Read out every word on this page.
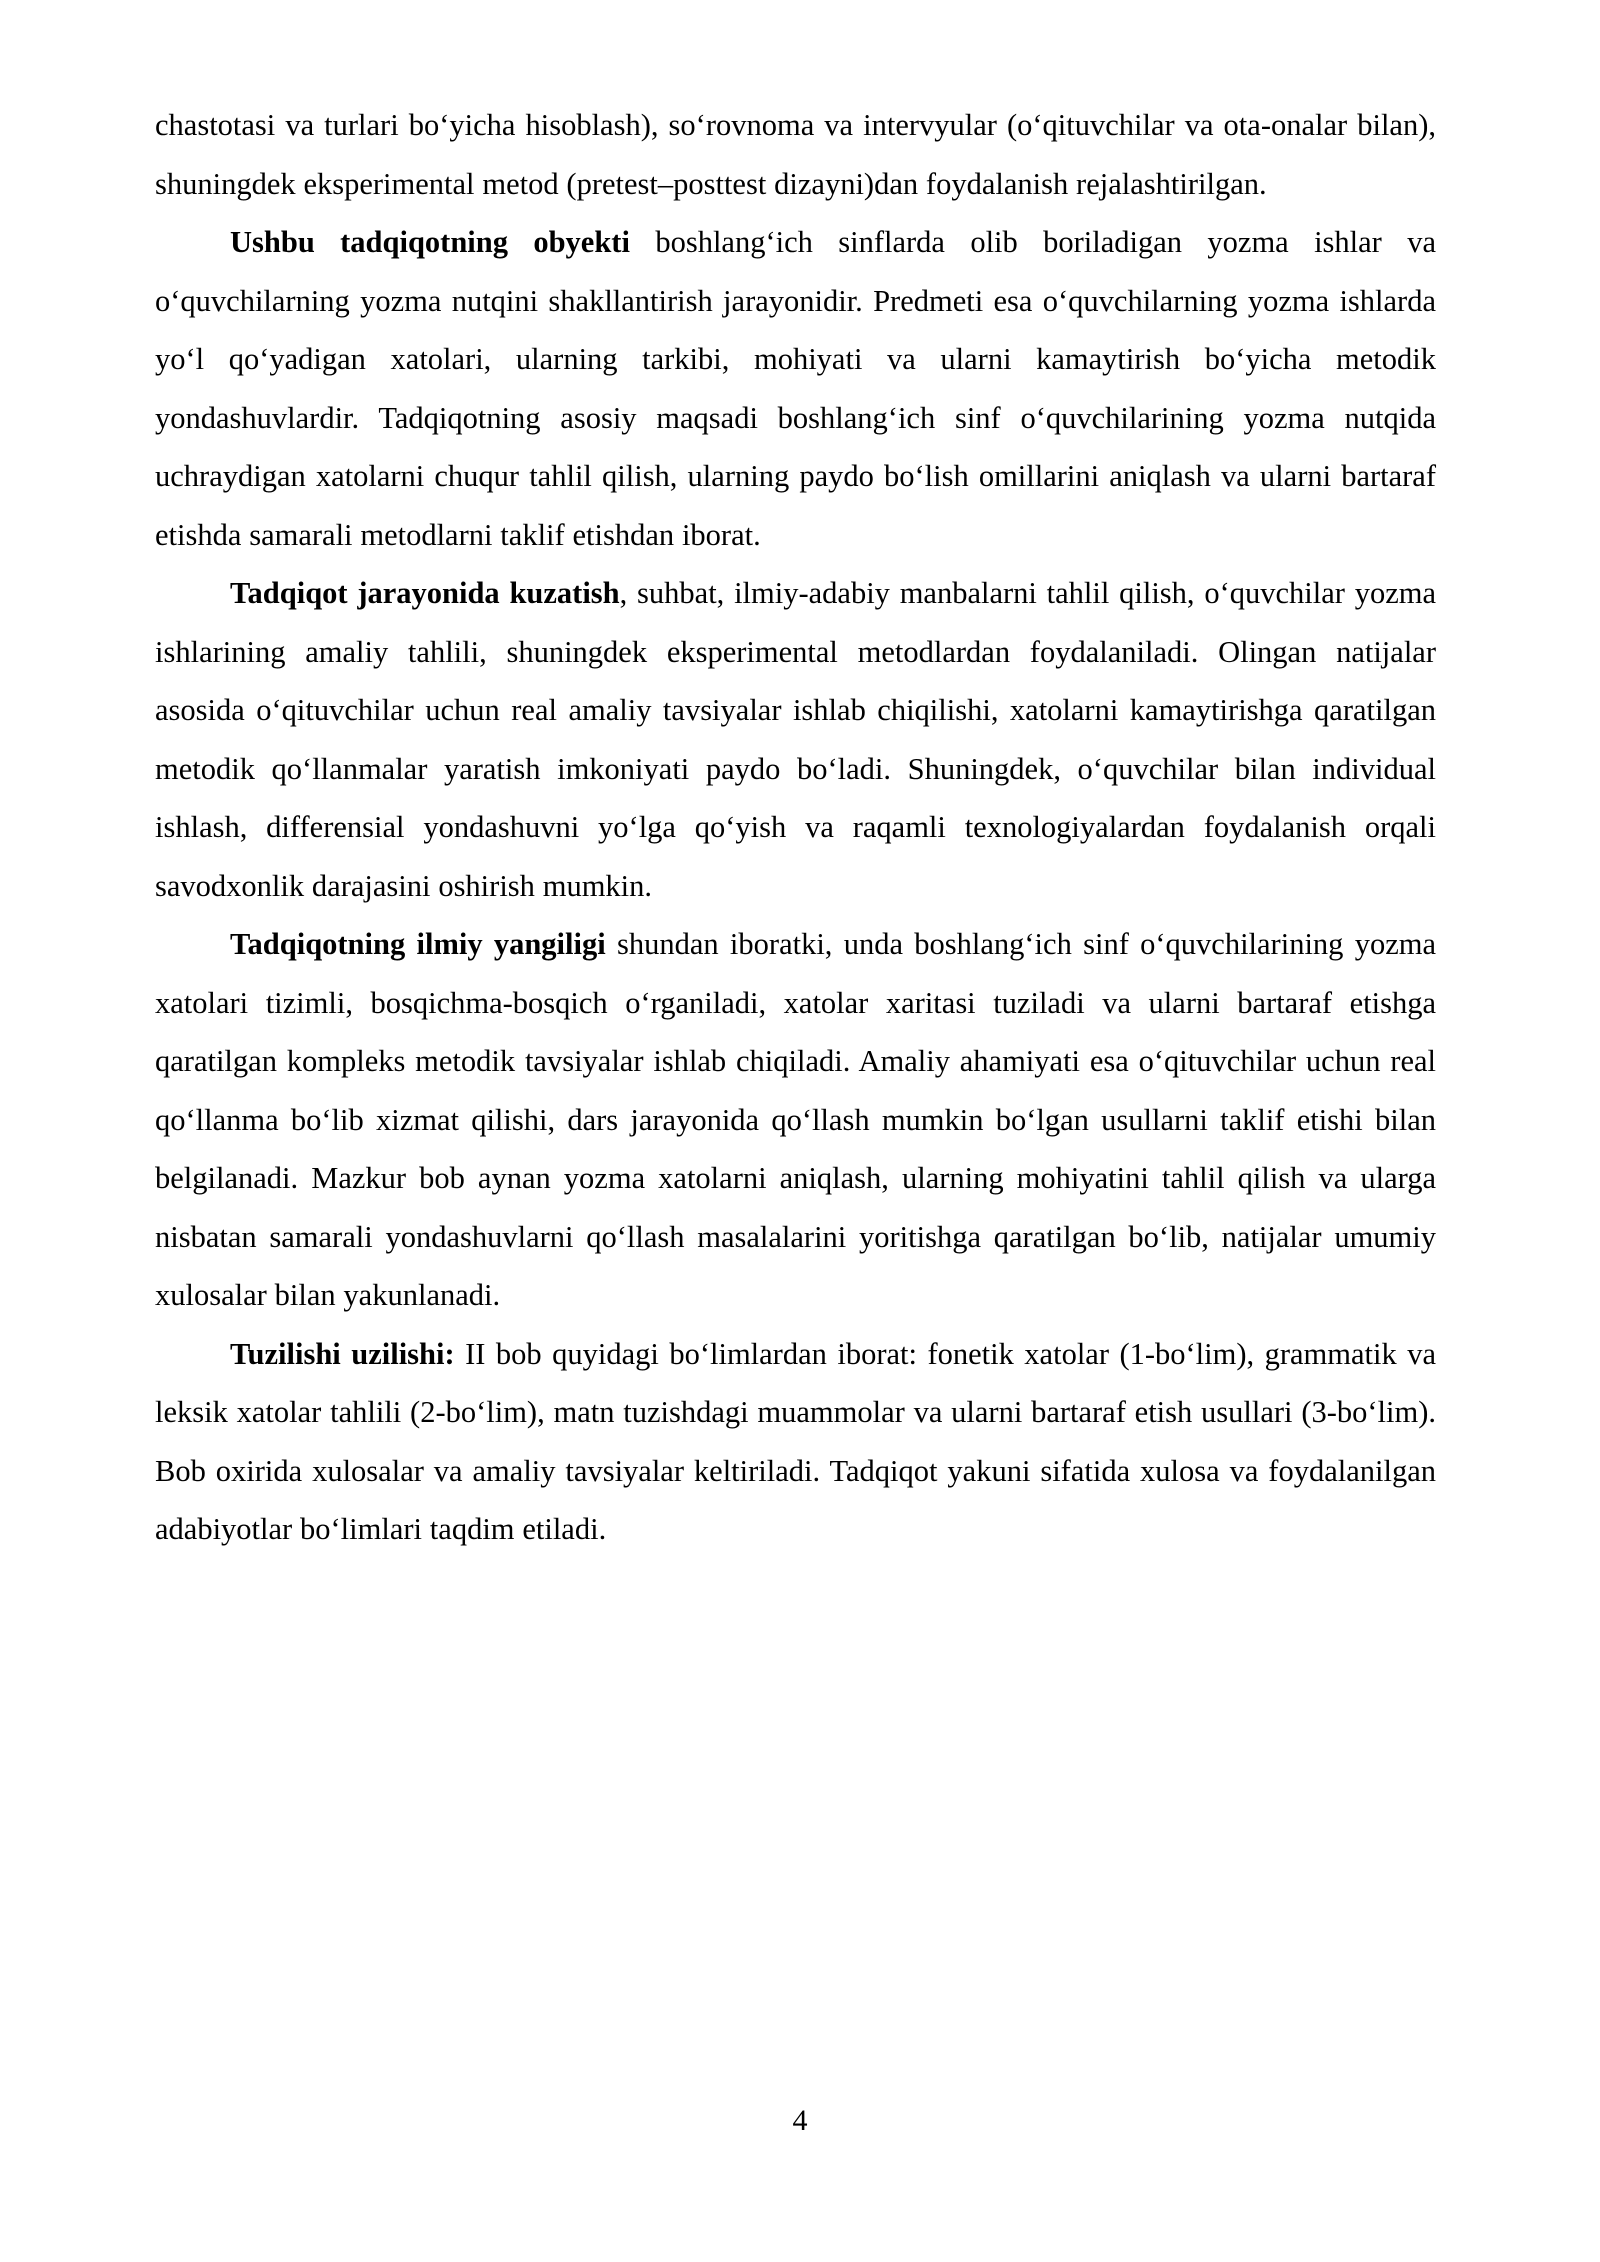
chastotasi va turlari bo‘yicha hisoblash), so‘rovnoma va intervyular (o‘qituvchilar va ota-onalar bilan), shuningdek eksperimental metod (pretest–posttest dizayni)dan foydalanish rejalashtirilgan.

Ushbu tadqiqotning obyekti boshlang‘ich sinflarda olib boriladigan yozma ishlar va o‘quvchilarning yozma nutqini shakllantirish jarayonidir. Predmeti esa o‘quvchilarning yozma ishlarda yo‘l qo‘yadigan xatolari, ularning tarkibi, mohiyati va ularni kamaytirish bo‘yicha metodik yondashuvlardir. Tadqiqotning asosiy maqsadi boshlang‘ich sinf o‘quvchilarining yozma nutqida uchraydigan xatolarni chuqur tahlil qilish, ularning paydo bo‘lish omillarini aniqlash va ularni bartaraf etishda samarali metodlarni taklif etishdan iborat.

Tadqiqot jarayonida kuzatish, suhbat, ilmiy-adabiy manbalarni tahlil qilish, o‘quvchilar yozma ishlarining amaliy tahlili, shuningdek eksperimental metodlardan foydalaniladi. Olingan natijalar asosida o‘qituvchilar uchun real amaliy tavsiyalar ishlab chiqilishi, xatolarni kamaytirishga qaratilgan metodik qo‘llanmalar yaratish imkoniyati paydo bo‘ladi. Shuningdek, o‘quvchilar bilan individual ishlash, differensial yondashuvni yo‘lga qo‘yish va raqamli texnologiyalardan foydalanish orqali savodxonlik darajasini oshirish mumkin.

Tadqiqotning ilmiy yangiligi shundan iboratki, unda boshlang‘ich sinf o‘quvchilarining yozma xatolari tizimli, bosqichma-bosqich o‘rganiladi, xatolar xaritasi tuziladi va ularni bartaraf etishga qaratilgan kompleks metodik tavsiyalar ishlab chiqiladi. Amaliy ahamiyati esa o‘qituvchilar uchun real qo‘llanma bo‘lib xizmat qilishi, dars jarayonida qo‘llash mumkin bo‘lgan usullarni taklif etishi bilan belgilanadi. Mazkur bob aynan yozma xatolarni aniqlash, ularning mohiyatini tahlil qilish va ularga nisbatan samarali yondashuvlarni qo‘llash masalalarini yoritishga qaratilgan bo‘lib, natijalar umumiy xulosalar bilan yakunlanadi.

Tuzilishi uzilishi: II bob quyidagi bo‘limlardan iborat: fonetik xatolar (1-bo‘lim), grammatik va leksik xatolar tahlili (2-bo‘lim), matn tuzishdagi muammolar va ularni bartaraf etish usullari (3-bo‘lim). Bob oxirida xulosalar va amaliy tavsiyalar keltiriladi. Tadqiqot yakuni sifatida xulosa va foydalanilgan adabiyotlar bo‘limlari taqdim etiladi.

4
